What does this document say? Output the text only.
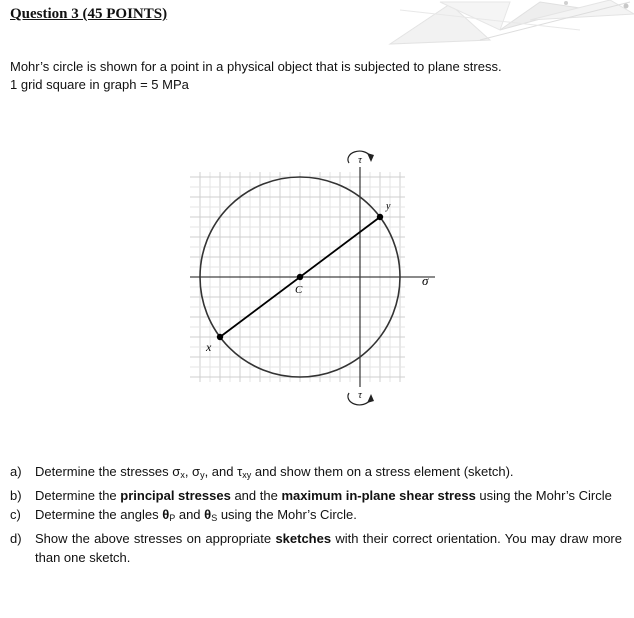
Question 3 (45 POINTS)
Mohr’s circle is shown for a point in a physical object that is subjected to plane stress.
1 grid square in graph = 5 MPa
τ
τ
σ
C
x
y
a)	Determine the stresses $\sigma_x$, $\sigma_y$, and $\tau_{xy}$ and show them on a stress element (sketch).
b)	Determine the principal stresses and the maximum in-plane shear stress using the Mohr’s Circle
c)	Determine the angles $\theta_P$ and $\theta_S$ using the Mohr’s Circle.
d)	Show the above stresses on appropriate sketches with their correct orientation. You may draw more than one sketch.
